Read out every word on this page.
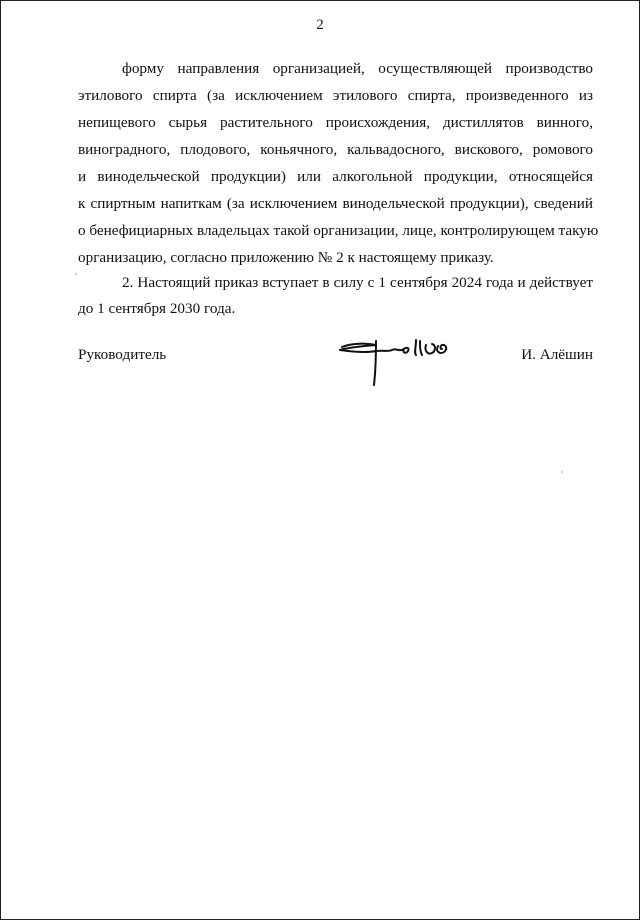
2
форму направления организацией, осуществляющей производство
этилового спирта (за исключением этилового спирта, произведенного из
непищевого сырья растительного происхождения, дистиллятов винного,
виноградного, плодового, коньячного, кальвадосного, вискового, ромового
и винодельческой продукции) или алкогольной продукции, относящейся
к спиртным напиткам (за исключением винодельческой продукции), сведений
о бенефициарных владельцах такой организации, лице, контролирующем такую
организацию, согласно приложению № 2 к настоящему приказу.
2. Настоящий приказ вступает в силу с 1 сентября 2024 года и действует
до 1 сентября 2030 года.
Руководитель	И. Алёшин
